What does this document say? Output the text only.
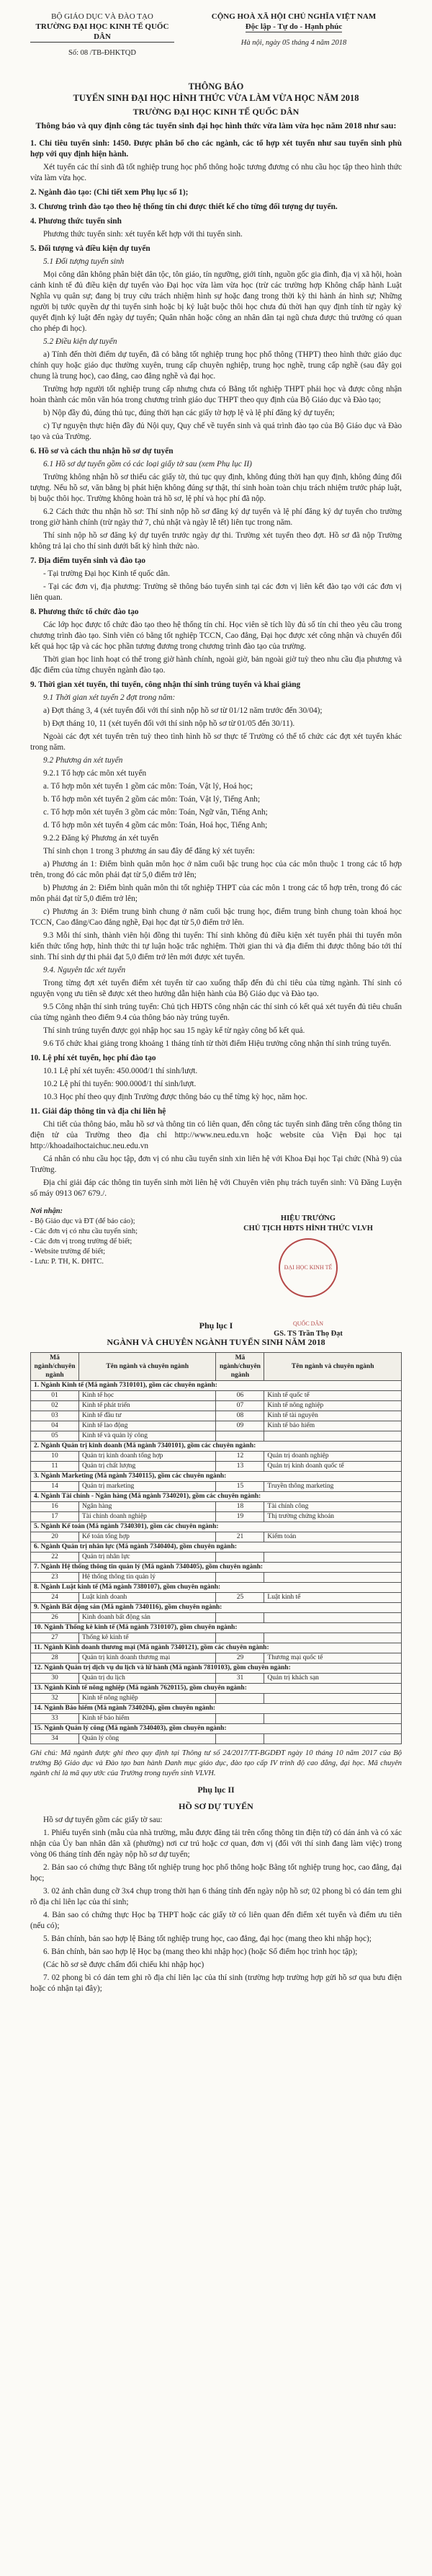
BỘ GIÁO DỤC VÀ ĐÀO TẠO
TRƯỜNG ĐẠI HỌC KINH TẾ QUỐC DÂN
Số: 08 /TB-ĐHKTQD
CỘNG HOÀ XÃ HỘI CHỦ NGHĨA VIỆT NAM
Độc lập - Tự do - Hạnh phúc
Hà nội, ngày 05 tháng 4 năm 2018
THÔNG BÁO
TUYỂN SINH ĐẠI HỌC HÌNH THỨC VỪA LÀM VỪA HỌC NĂM 2018
TRƯỜNG ĐẠI HỌC KINH TẾ QUỐC DÂN
Thông báo và quy định công tác tuyển sinh đại học hình thức vừa làm vừa học năm 2018 như sau:

1. Chỉ tiêu tuyển sinh: 1450. Được phân bổ cho các ngành, các tổ hợp xét tuyển như sau tuyển sinh phù hợp với quy định hiện hành.

Xét tuyển các thí sinh đã tốt nghiệp trung học phổ thông hoặc tương đương có nhu cầu học tập theo hình thức vừa làm vừa học.

2. Ngành đào tạo: (Chi tiết xem Phụ lục số 1);

3. Chương trình đào tạo theo hệ thống tín chỉ được thiết kế cho từng đối tượng dự tuyển.

4. Phương thức tuyển sinh

Phương thức tuyển sinh: xét tuyển kết hợp với thi tuyển sinh.

5. Đối tượng và điều kiện dự tuyển

5.1 Đối tượng tuyển sinh

Mọi công dân không phân biệt dân tộc, tôn giáo, tín ngưỡng, giới tính, nguồn gốc gia đình, địa vị xã hội, hoàn cảnh kinh tế đủ điều kiện dự tuyển vào Đại học vừa làm vừa học (trừ các trường hợp Không chấp hành Luật Nghĩa vụ quân sự; đang bị truy cứu trách nhiệm hình sự hoặc đang trong thời kỳ thi hành án hình sự; Những người bị tước quyền dự thi tuyển sinh hoặc bị kỷ luật buộc thôi học chưa đủ thời hạn quy định tính từ ngày kỷ quyết định kỷ luật đến ngày dự tuyển; Quân nhân hoặc công an nhân dân tại ngũ chưa được thủ trưởng có quan cho phép đi học).

5.2 Điều kiện dự tuyển

a) Tính đến thời điểm dự tuyển, đã có bằng tốt nghiệp trung học phổ thông (THPT) theo hình thức giáo dục chính quy hoặc giáo dục thường xuyên, trung cấp chuyên nghiệp, trung học nghề, trung cấp nghề (sau đây gọi chung là trung học), cao đẳng, cao đẳng nghề và đại học.

Trường hợp người tốt nghiệp trung cấp nhưng chưa có Bằng tốt nghiệp THPT phải học và được công nhận hoàn thành các môn văn hóa trong chương trình giáo dục THPT theo quy định của Bộ Giáo dục và Đào tạo;

b) Nộp đầy đủ, đúng thủ tục, đúng thời hạn các giấy tờ hợp lệ và lệ phí đăng ký dự tuyển;

c) Tự nguyện thực hiện đầy đủ Nội quy, Quy chế về tuyển sinh và quá trình đào tạo của Bộ Giáo dục và Đào tạo và của Trường.

6. Hồ sơ và cách thu nhận hồ sơ dự tuyển

6.1 Hồ sơ dự tuyển gồm có các loại giấy tờ sau (xem Phụ lục II)

Trường không nhận hồ sơ thiếu các giấy tờ, thủ tục quy định, không đúng thời hạn quy định, không đúng đối tượng. Nếu hồ sơ, văn bằng bị phát hiện không đúng sự thật, thí sinh hoàn toàn chịu trách nhiệm trước pháp luật, bị buộc thôi học. Trường không hoàn trả hồ sơ, lệ phí và học phí đã nộp.

6.2 Cách thức thu nhận hồ sơ: Thí sinh nộp hồ sơ đăng ký dự tuyển và lệ phí đăng ký dự tuyển cho trường trong giờ hành chính (trừ ngày thứ 7, chủ nhật và ngày lễ tết) liên tục trong năm.

Thí sinh nộp hồ sơ đăng ký dự tuyển trước ngày dự thi. Trường xét tuyển theo đợt. Hồ sơ đã nộp Trường không trả lại cho thí sinh dưới bất kỳ hình thức nào.

7. Địa điểm tuyển sinh và đào tạo

- Tại trường Đại học Kinh tế quốc dân.

- Tại các đơn vị, địa phương: Trường sẽ thông báo tuyển sinh tại các đơn vị liên kết đào tạo với các đơn vị liên quan.

8. Phương thức tổ chức đào tạo

Các lớp học được tổ chức đào tạo theo hệ thống tín chỉ. Học viên sẽ tích lũy đủ số tín chỉ theo yêu cầu trong chương trình đào tạo. Sinh viên có bằng tốt nghiệp TCCN, Cao đẳng, Đại học được xét công nhận và chuyển đổi kết quả học tập và các học phần tương đương trong chương trình đào tạo của trường.

Thời gian học linh hoạt có thể trong giờ hành chính, ngoài giờ, bản ngoài giờ tuỳ theo nhu cầu địa phương và đặc điểm của từng chuyên ngành đào tạo.

9. Thời gian xét tuyển, thi tuyển, công nhận thí sinh trúng tuyển và khai giảng

9.1 Thời gian xét tuyển 2 đợt trong năm:

a) Đợt tháng 3, 4 (xét tuyển đối với thí sinh nộp hồ sơ từ 01/12 năm trước đến 30/04);

b) Đợt tháng 10, 11 (xét tuyển đối với thí sinh nộp hồ sơ từ 01/05 đến 30/11).

Ngoài các đợt xét tuyển trên tuỳ theo tình hình hồ sơ thực tế Trường có thể tổ chức các đợt xét tuyển khác trong năm.

9.2 Phương án xét tuyển

9.2.1 Tổ hợp các môn xét tuyển

a. Tổ hợp môn xét tuyển 1 gồm các môn: Toán, Vật lý, Hoá học;

b. Tổ hợp môn xét tuyển 2 gồm các môn: Toán, Vật lý, Tiếng Anh;

c. Tổ hợp môn xét tuyển 3 gồm các môn: Toán, Ngữ văn, Tiếng Anh;

d. Tổ hợp môn xét tuyển 4 gồm các môn: Toán, Hoá học, Tiếng Anh;

9.2.2 Đăng ký Phương án xét tuyển

Thí sinh chọn 1 trong 3 phương án sau đây để đăng ký xét tuyển:

a) Phương án 1: Điểm bình quân môn học ở năm cuối bậc trung học của các môn thuộc 1 trong các tổ hợp trên, trong đó các môn phải đạt từ 5,0 điểm trở lên;

b) Phương án 2: Điểm bình quân môn thi tốt nghiệp THPT của các môn 1 trong các tổ hợp trên, trong đó các môn phải đạt từ 5,0 điểm trở lên;

c) Phương án 3: Điểm trung bình chung ở năm cuối bậc trung học, điểm trung bình chung toàn khoá học TCCN, Cao đẳng/Cao đẳng nghề, Đại học đạt từ 5,0 điểm trở lên.

9.3 Mỗi thí sinh, thành viên hội đồng thi tuyển: Thí sinh không đủ điều kiện xét tuyển phải thi tuyển môn kiến thức tổng hợp, hình thức thi tự luận hoặc trắc nghiệm. Thời gian thi và địa điểm thi được thông báo tới thí sinh. Thí sinh dự thi phải đạt 5,0 điểm trở lên mới được xét tuyển.

9.4. Nguyên tắc xét tuyển

Trong từng đợt xét tuyển điểm xét tuyển từ cao xuống thấp đến đủ chỉ tiêu của từng ngành. Thí sinh có nguyện vọng ưu tiên sẽ được xét theo hướng dẫn hiện hành của Bộ Giáo dục và Đào tạo.

9.5 Công nhận thí sinh trúng tuyển: Chủ tịch HĐTS công nhận các thí sinh có kết quả xét tuyển đủ tiêu chuẩn của từng ngành theo điểm 9.4 của thông báo này trúng tuyển.

Thí sinh trúng tuyển được gọi nhập học sau 15 ngày kể từ ngày công bố kết quả.

9.6 Tổ chức khai giảng trong khoảng 1 tháng tính từ thời điểm Hiệu trưởng công nhận thí sinh trúng tuyển.

10. Lệ phí xét tuyển, học phí đào tạo

10.1 Lệ phí xét tuyển: 450.000đ/1 thí sinh/lượt.

10.2 Lệ phí thi tuyển: 900.000đ/1 thí sinh/lượt.

10.3 Học phí theo quy định Trường được thông báo cụ thể từng kỳ học, năm học.

11. Giải đáp thông tin và địa chỉ liên hệ

Chi tiết của thông báo, mẫu hồ sơ và thông tin có liên quan, đến công tác tuyển sinh đăng trên cổng thông tin điện tử của Trường theo địa chỉ http://www.neu.edu.vn hoặc website của Viện Đại học tại http://khoadaihoctaichuc.neu.edu.vn

Cá nhân có nhu cầu học tập, đơn vị có nhu cầu tuyển sinh xin liên hệ với Khoa Đại học Tại chức (Nhà 9) của Trường.

Địa chỉ giải đáp các thông tin tuyển sinh mời liên hệ với Chuyên viên phụ trách tuyển sinh: Vũ Đăng Luyện số máy 0913 067 679./.

Nơi nhận:
- Bộ Giáo dục và ĐT (để báo cáo);
- Các đơn vị có nhu cầu tuyển sinh;
- Các đơn vị trong trường để biết;
- Website trường để biết;
- Lưu: P. TH, K. ĐHTC.
HIỆU TRƯỞNG
CHỦ TỊCH HĐTS HÌNH THỨC VLVH
ĐẠI HỌC KINH TẾ QUỐC DÂN
GS. TS Trần Thọ Đạt
Phụ lục I
NGÀNH VÀ CHUYÊN NGÀNH TUYỂN SINH NĂM 2018
Mã ngành/chuyên ngành	Tên ngành và chuyên ngành	Mã ngành/chuyên ngành	Tên ngành và chuyên ngành
1. Ngành Kinh tế (Mã ngành 7310101), gồm các chuyên ngành:			
01	Kinh tế học	06	Kinh tế quốc tế
02	Kinh tế phát triển	07	Kinh tế nông nghiệp
03	Kinh tế đầu tư	08	Kinh tế tài nguyên
04	Kinh tế lao động	09	Kinh tế bảo hiểm
05	Kinh tế và quản lý công		
2. Ngành Quản trị kinh doanh (Mã ngành 7340101), gồm các chuyên ngành:			
10	Quản trị kinh doanh tổng hợp	12	Quản trị doanh nghiệp
11	Quản trị chất lượng	13	Quản trị kinh doanh quốc tế
3. Ngành Marketing (Mã ngành 7340115), gồm các chuyên ngành:			
14	Quản trị marketing	15	Truyền thông marketing
4. Ngành Tài chính - Ngân hàng (Mã ngành 7340201), gồm các chuyên ngành:			
16	Ngân hàng	18	Tài chính công
17	Tài chính doanh nghiệp	19	Thị trường chứng khoán
5. Ngành Kế toán (Mã ngành 7340301), gồm các chuyên ngành:			
20	Kế toán tổng hợp	21	Kiểm toán
6. Ngành Quản trị nhân lực (Mã ngành 7340404), gồm chuyên ngành:			
22	Quản trị nhân lực		
7. Ngành Hệ thống thông tin quản lý (Mã ngành 7340405), gồm chuyên ngành:			
23	Hệ thống thông tin quản lý		
8. Ngành Luật kinh tế (Mã ngành 7380107), gồm chuyên ngành:			
24	Luật kinh doanh	25	Luật kinh tế
9. Ngành Bất động sản (Mã ngành 7340116), gồm chuyên ngành:			
26	Kinh doanh bất động sản		
10. Ngành Thống kê kinh tế (Mã ngành 7310107), gồm chuyên ngành:			
27	Thống kê kinh tế		
11. Ngành Kinh doanh thương mại (Mã ngành 7340121), gồm các chuyên ngành:			
28	Quản trị kinh doanh thương mại	29	Thương mại quốc tế
12. Ngành Quản trị dịch vụ du lịch và lữ hành (Mã ngành 7810103), gồm chuyên ngành:			
30	Quản trị du lịch	31	Quản trị khách sạn
13. Ngành Kinh tế nông nghiệp (Mã ngành 7620115), gồm chuyên ngành:			
32	Kinh tế nông nghiệp		
14. Ngành Bảo hiểm (Mã ngành 7340204), gồm chuyên ngành:			
33	Kinh tế bảo hiểm		
15. Ngành Quản lý công (Mã ngành 7340403), gồm chuyên ngành:			
34	Quản lý công		
Ghi chú: Mã ngành được ghi theo quy định tại Thông tư số 24/2017/TT-BGDĐT ngày 10 tháng 10 năm 2017 của Bộ trưởng Bộ Giáo dục và Đào tạo ban hành Danh mục giáo dục, đào tạo cấp IV trình độ cao đẳng, đại học. Mã chuyên ngành chỉ là mã quy ước của Trường trong tuyển sinh VLVH.
Phụ lục II
HỒ SƠ DỰ TUYỂN

Hồ sơ dự tuyển gồm các giấy tờ sau:

1. Phiếu tuyển sinh (mẫu của nhà trường, mẫu được đăng tải trên cổng thông tin điện tử) có dán ảnh và có xác nhận của Ủy ban nhân dân xã (phường) nơi cư trú hoặc cơ quan, đơn vị (đối với thí sinh đang làm việc) trong vòng 06 tháng tính đến ngày nộp hồ sơ dự tuyển;

2. Bản sao có chứng thực Bằng tốt nghiệp trung học phổ thông hoặc Bằng tốt nghiệp trung học, cao đẳng, đại học;

3. 02 ảnh chân dung cỡ 3x4 chụp trong thời hạn 6 tháng tính đến ngày nộp hồ sơ; 02 phong bì có dán tem ghi rõ địa chỉ liên lạc của thí sinh;

4. Bản sao có chứng thực Học bạ THPT hoặc các giấy tờ có liên quan đến điểm xét tuyển và điểm ưu tiên (nếu có);

5. Bản chính, bản sao hợp lệ Bảng tốt nghiệp trung học, cao đẳng, đại học (mang theo khi nhập học);

6. Bản chính, bản sao hợp lệ Học bạ (mang theo khi nhập học) (hoặc Sổ điểm học trình học tập);

(Các hồ sơ sẽ được chấm đối chiếu khi nhập học)

7. 02 phong bì có dán tem ghi rõ địa chỉ liên lạc của thí sinh (trường hợp trường hợp gửi hồ sơ qua bưu điện hoặc có nhận tại đây);
